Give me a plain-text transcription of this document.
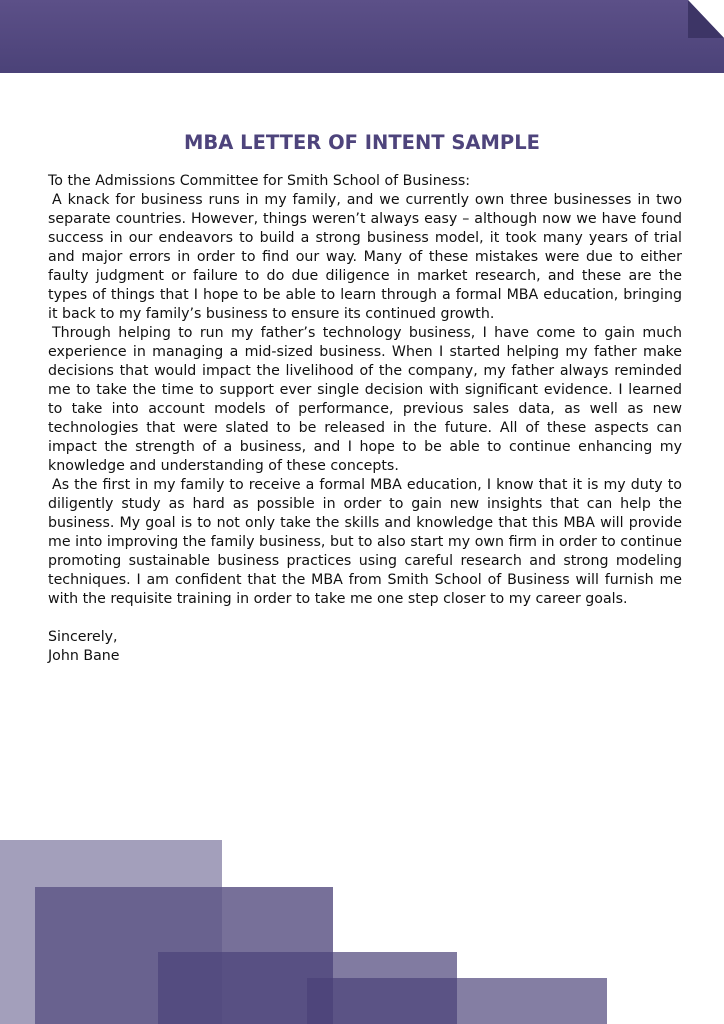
MBA LETTER OF INTENT SAMPLE

To the Admissions Committee for Smith School of Business:

A knack for business runs in my family, and we currently own three businesses in two separate countries. However, things weren’t always easy – although now we have found success in our endeavors to build a strong business model, it took many years of trial and major errors in order to find our way. Many of these mistakes were due to either faulty judgment or failure to do due diligence in market research, and these are the types of things that I hope to be able to learn through a formal MBA education, bringing it back to my family’s business to ensure its continued growth.

Through helping to run my father’s technology business, I have come to gain much experience in managing a mid-sized business. When I started helping my father make decisions that would impact the livelihood of the company, my father always reminded me to take the time to support ever single decision with significant evidence. I learned to take into account models of performance, previous sales data, as well as new technologies that were slated to be released in the future. All of these aspects can impact the strength of a business, and I hope to be able to continue enhancing my knowledge and understanding of these concepts.

As the first in my family to receive a formal MBA education, I know that it is my duty to diligently study as hard as possible in order to gain new insights that can help the business. My goal is to not only take the skills and knowledge that this MBA will provide me into improving the family business, but to also start my own firm in order to continue promoting sustainable business practices using careful research and strong modeling techniques. I am confident that the MBA from Smith School of Business will furnish me with the requisite training in order to take me one step closer to my career goals.

Sincerely,

John Bane
